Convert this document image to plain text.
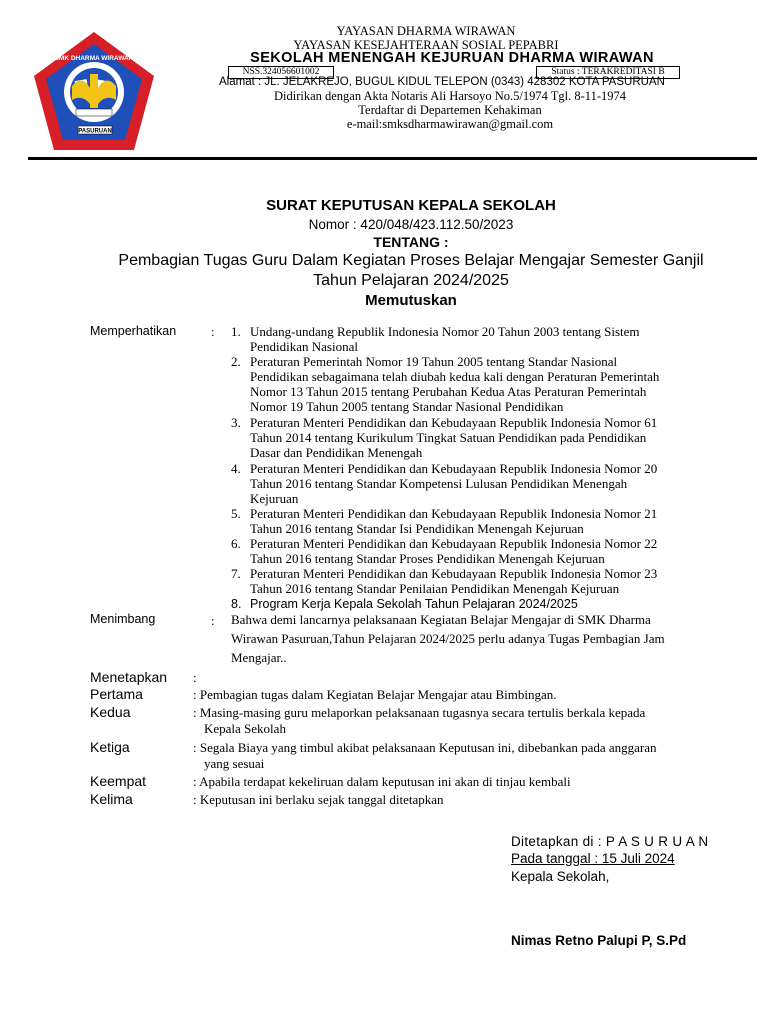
SMK DHARMA WIRAWAN
PASURUAN
YAYASAN DHARMA WIRAWAN
YAYASAN KESEJAHTERAAN SOSIAL PEPABRI
SEKOLAH MENENGAH KEJURUAN DHARMA WIRAWAN
NSS.324056601002	Status : TERAKREDITASI B
Alamat : JL. JELAKREJO, BUGUL KIDUL TELEPON (0343) 428302 KOTA PASURUAN
Didirikan dengan Akta Notaris Ali Harsoyo No.5/1974 Tgl. 8-11-1974
Terdaftar di Departemen Kehakiman
e-mail:smksdharmawirawan@gmail.com
SURAT KEPUTUSAN KEPALA SEKOLAH
Nomor : 420/048/423.112.50/2023
TENTANG :
Pembagian Tugas Guru Dalam Kegiatan Proses Belajar Mengajar Semester Ganjil
Tahun Pelajaran 2024/2025
Memutuskan
Memperhatikan	: 1. Undang-undang Republik Indonesia Nomor 20 Tahun 2003 tentang Sistem
Pendidikan Nasional
2. Peraturan Pemerintah Nomor 19 Tahun 2005 tentang Standar Nasional
Pendidikan sebagaimana telah diubah kedua kali dengan Peraturan Pemerintah
Nomor 13 Tahun 2015 tentang Perubahan Kedua Atas Peraturan Pemerintah
Nomor 19 Tahun 2005 tentang Standar Nasional Pendidikan
3. Peraturan Menteri Pendidikan dan Kebudayaan Republik Indonesia Nomor 61
Tahun 2014 tentang Kurikulum Tingkat Satuan Pendidikan pada Pendidikan
Dasar dan Pendidikan Menengah
4. Peraturan Menteri Pendidikan dan Kebudayaan Republik Indonesia Nomor 20
Tahun 2016 tentang Standar Kompetensi Lulusan Pendidikan Menengah
Kejuruan
5. Peraturan Menteri Pendidikan dan Kebudayaan Republik Indonesia Nomor 21
Tahun 2016 tentang Standar Isi Pendidikan Menengah Kejuruan
6. Peraturan Menteri Pendidikan dan Kebudayaan Republik Indonesia Nomor 22
Tahun 2016 tentang Standar Proses Pendidikan Menengah Kejuruan
7. Peraturan Menteri Pendidikan dan Kebudayaan Republik Indonesia Nomor 23
Tahun 2016 tentang Standar Penilaian Pendidikan Menengah Kejuruan
8. Program Kerja Kepala Sekolah Tahun Pelajaran 2024/2025
Menimbang	: Bahwa demi lancarnya pelaksanaan Kegiatan Belajar Mengajar di SMK Dharma
Wirawan Pasuruan,Tahun Pelajaran 2024/2025 perlu adanya Tugas Pembagian Jam
Mengajar..
Menetapkan :
Pertama	: Pembagian tugas dalam Kegiatan Belajar Mengajar atau Bimbingan.
Kedua	: Masing-masing guru melaporkan pelaksanaan tugasnya secara tertulis berkala kepada
Kepala Sekolah
Ketiga	: Segala Biaya yang timbul akibat pelaksanaan Keputusan ini, dibebankan pada anggaran
yang sesuai
Keempat	: Apabila terdapat kekeliruan dalam keputusan ini akan di tinjau kembali
Kelima	: Keputusan ini berlaku sejak tanggal ditetapkan
Ditetapkan di : P A S U R U A N
Pada tanggal : 15 Juli 2024
Kepala Sekolah,
Nimas Retno Palupi P, S.Pd
